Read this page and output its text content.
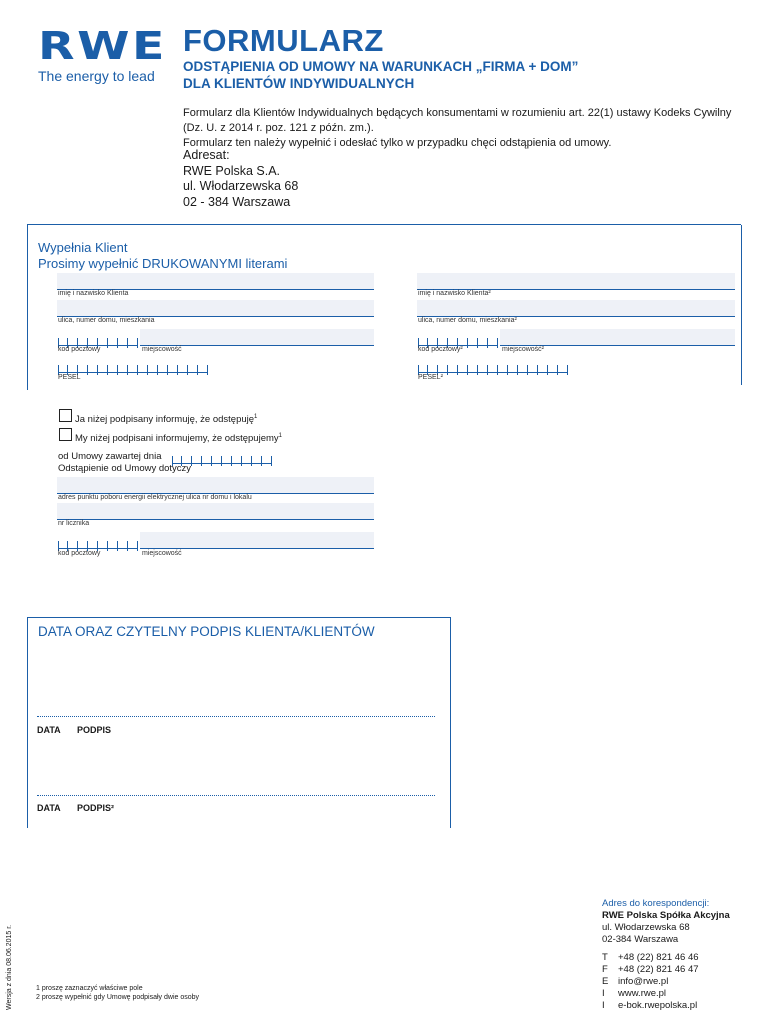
RWE
The energy to lead
FORMULARZ
ODSTĄPIENIA OD UMOWY NA WARUNKACH „FIRMA + DOM”
DLA KLIENTÓW INDYWIDUALNYCH
Formularz dla Klientów Indywidualnych będących konsumentami w rozumieniu art. 22(1) ustawy Kodeks Cywilny
(Dz. U. z 2014 r. poz. 121 z późn. zm.).
Formularz ten należy wypełnić i odesłać tylko w przypadku chęci odstąpienia od umowy.
Adresat:
RWE Polska S.A.
ul. Włodarzewska 68
02 - 384 Warszawa
Wypełnia Klient
Prosimy wypełnić DRUKOWANYMI literami
imię i nazwisko Klienta
ulica, numer domu, mieszkania
kod pocztowy	miejscowość
PESEL
imię i nazwisko Klienta²
ulica, numer domu, mieszkania²
kod pocztowy²	miejscowość²
PESEL²
Ja niżej podpisany informuję, że odstępuję$^1$
My niżej podpisani informujemy, że odstępujemy$^1$
od Umowy zawartej dnia
Odstąpienie od Umowy dotyczy
adres punktu poboru energii elektrycznej ulica nr domu i lokalu
nr licznika
kod pocztowy	miejscowość
DATA ORAZ CZYTELNY PODPIS KLIENTA/KLIENTÓW
DATA PODPIS
DATA PODPIS²
Adres do korespondencji:
RWE Polska Spółka Akcyjna
ul. Włodarzewska 68
02-384 Warszawa
T	+48 (22) 821 46 46
F	+48 (22) 821 46 47
E	info@rwe.pl
I	www.rwe.pl
I	e-bok.rwepolska.pl
Wersja z dnia 08.06.2015 r.	1 proszę zaznaczyć właściwe pole
2 proszę wypełnić gdy Umowę podpisały dwie osoby
